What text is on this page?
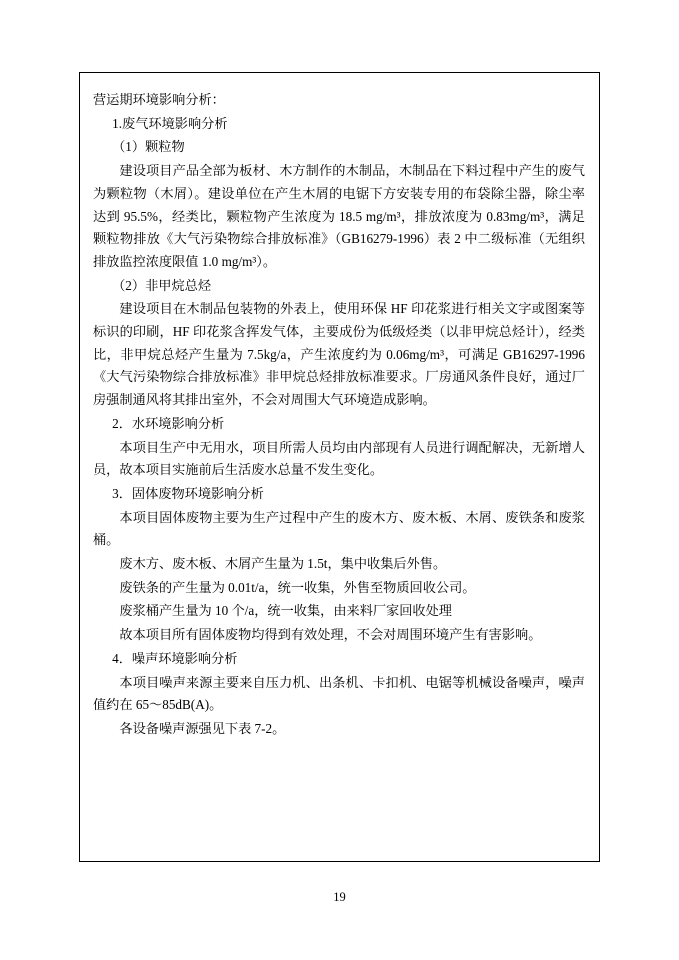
营运期环境影响分析：

1.废气环境影响分析

（1）颗粒物

建设项目产品全部为板材、木方制作的木制品，木制品在下料过程中产生的废气为颗粒物（木屑）。建设单位在产生木屑的电锯下方安装专用的布袋除尘器，除尘率达到 95.5%，经类比，颗粒物产生浓度为 18.5 mg/m³，排放浓度为 0.83mg/m³，满足颗粒物排放《大气污染物综合排放标准》（GB16279-1996）表 2 中二级标准（无组织排放监控浓度限值 1.0 mg/m³）。

（2）非甲烷总烃

建设项目在木制品包装物的外表上，使用环保 HF 印花浆进行相关文字或图案等标识的印刷，HF 印花浆含挥发气体，主要成份为低级烃类（以非甲烷总烃计），经类比，非甲烷总烃产生量为 7.5kg/a，产生浓度约为 0.06mg/m³，可满足 GB16297-1996《大气污染物综合排放标准》非甲烷总烃排放标准要求。厂房通风条件良好，通过厂房强制通风将其排出室外，不会对周围大气环境造成影响。

2．水环境影响分析

本项目生产中无用水，项目所需人员均由内部现有人员进行调配解决，无新增人员，故本项目实施前后生活废水总量不发生变化。

3．固体废物环境影响分析

本项目固体废物主要为生产过程中产生的废木方、废木板、木屑、废铁条和废浆桶。

废木方、废木板、木屑产生量为 1.5t，集中收集后外售。

废铁条的产生量为 0.01t/a，统一收集，外售至物质回收公司。

废浆桶产生量为 10 个/a，统一收集，由来料厂家回收处理

故本项目所有固体废物均得到有效处理，不会对周围环境产生有害影响。

4．噪声环境影响分析

本项目噪声来源主要来自压力机、出条机、卡扣机、电锯等机械设备噪声，噪声值约在 65～85dB(A)。

各设备噪声源强见下表 7-2。

19
